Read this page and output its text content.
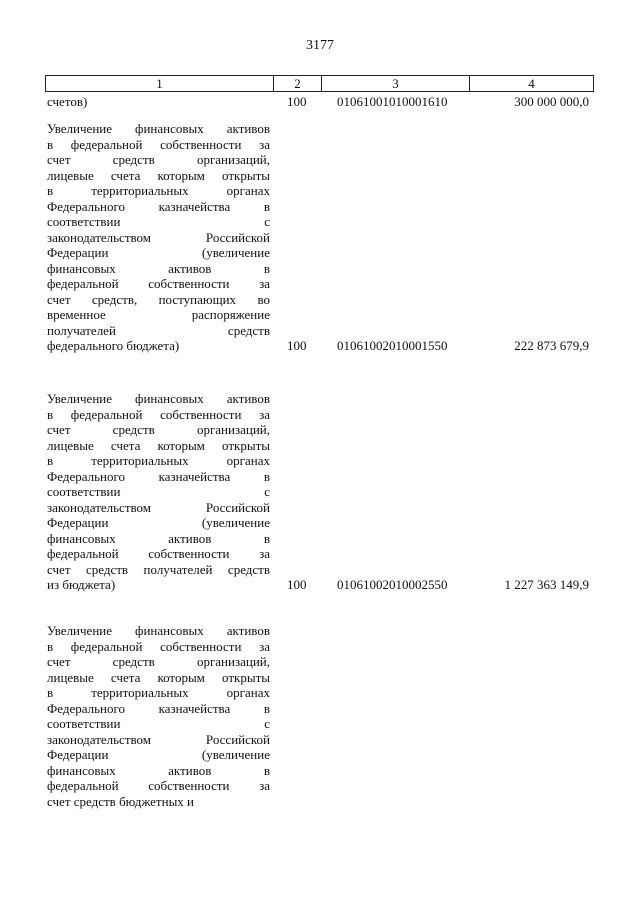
3177
1	2	3	4
счетов)	100	01061001010001610	300 000 000,0
Увеличение финансовых активов
в федеральной собственности за
счет средств организаций,
лицевые счета которым открыты
в территориальных органах
Федерального казначейства в
соответствии с
законодательством Российской
Федерации (увеличение
финансовых активов в
федеральной собственности за
счет средств, поступающих во
временное распоряжение
получателей средств
федерального бюджета)	100	01061002010001550	222 873 679,9
Увеличение финансовых активов
в федеральной собственности за
счет средств организаций,
лицевые счета которым открыты
в территориальных органах
Федерального казначейства в
соответствии с
законодательством Российской
Федерации (увеличение
финансовых активов в
федеральной собственности за
счет средств получателей средств
из бюджета)	100	01061002010002550	1 227 363 149,9
Увеличение финансовых активов
в федеральной собственности за
счет средств организаций,
лицевые счета которым открыты
в территориальных органах
Федерального казначейства в
соответствии с
законодательством Российской
Федерации (увеличение
финансовых активов в
федеральной собственности за
счет средств бюджетных и
